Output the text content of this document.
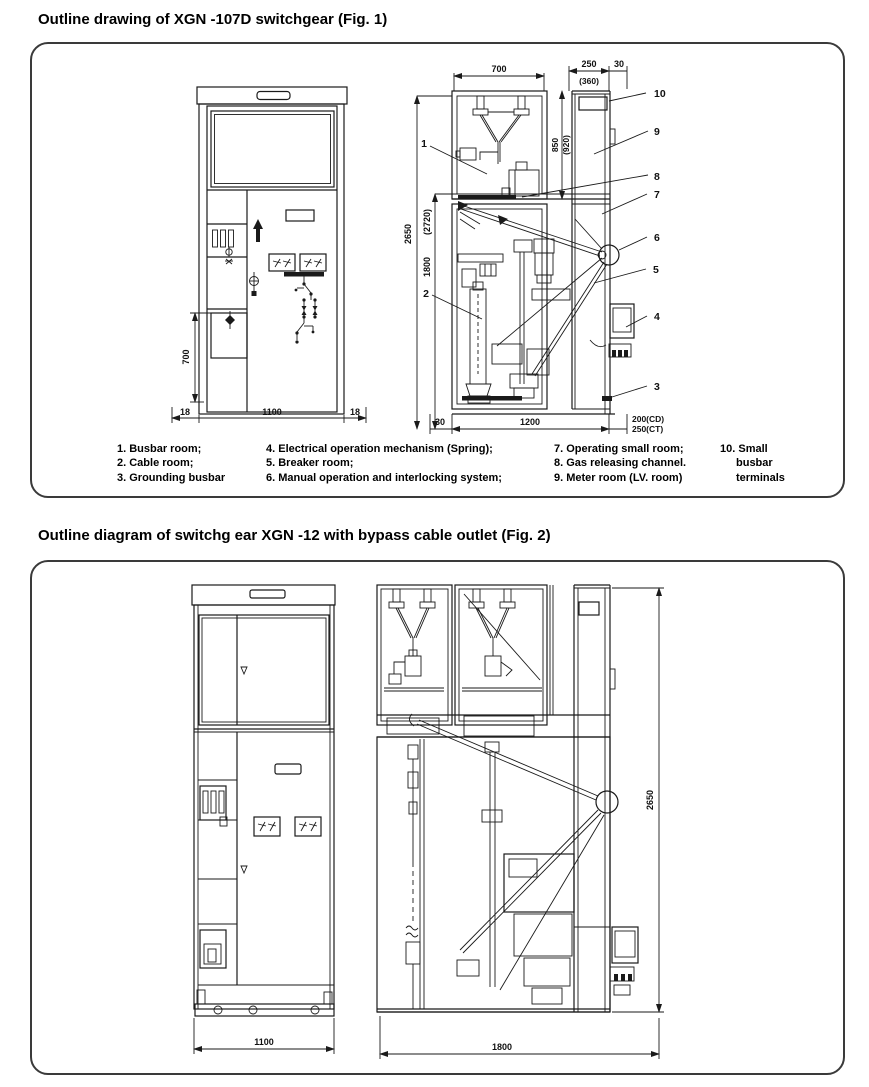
Outline drawing of XGN -107D switchgear (Fig. 1)
700
18	1100	18
700	250
(360)
30
850 (920)
2650 (2720)
1800
30	1200	200(CD)
250(CT)
1
2
10
9
8
7
6
5
4
3
1. Busbar room;
2. Cable room;
3. Grounding busbar
4. Electrical operation mechanism (Spring);
5. Breaker room;
6. Manual operation and interlocking system;
7. Operating small room;
8. Gas releasing channel.
9. Meter room (LV. room)
10. Small
busbar
terminals
Outline diagram of switchg ear XGN -12 with bypass cable outlet (Fig. 2)
1100
2650
1800
